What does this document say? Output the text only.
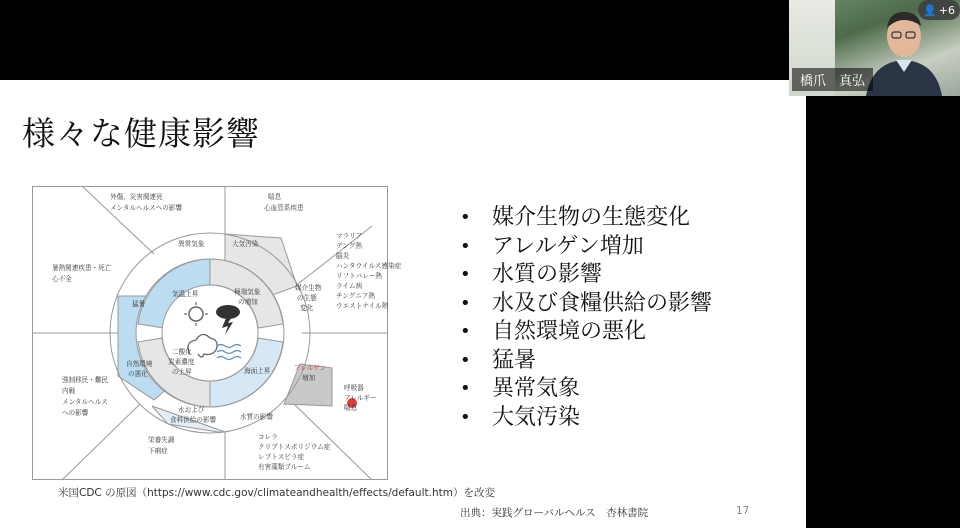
様々な健康影響
外傷、災害関連死
メンタルヘルスへの影響
喘息
心血管系疾患
マラリア
デング熱
脳炎
ハンタウイルス感染症
リフトバレー熱
ライム病
チングニア熱
ウエストナイル熱
暑熱関連疾患・死亡
心不全
呼吸器
アレルギー
喘息
強制移民・難民
内戦
メンタルヘルス
への影響
栄養失調
下痢症
コレラ
クリプトスポリジウム症
レプトスピラ症
有害藻類ブルーム
異常気象	大気汚染
媒介生物
の生態
変化
猛暑
アレルゲン
増加
自然環境
の悪化
水質の影響
水および
食料供給の影響
気温上昇	極端気象
の増加
二酸化
炭素濃度
の上昇	海面上昇
米国CDC の原図（https://www.cdc.gov/climateandhealth/effects/default.htm）を改変
• 媒介生物の生態変化
• アレルゲン増加
• 水質の影響
• 水及び食糧供給の影響
• 自然環境の悪化
• 猛暑
• 異常気象
• 大気汚染
出典：実践グローバルヘルス　杏林書院	17
橋爪　真弘
👤 +6
